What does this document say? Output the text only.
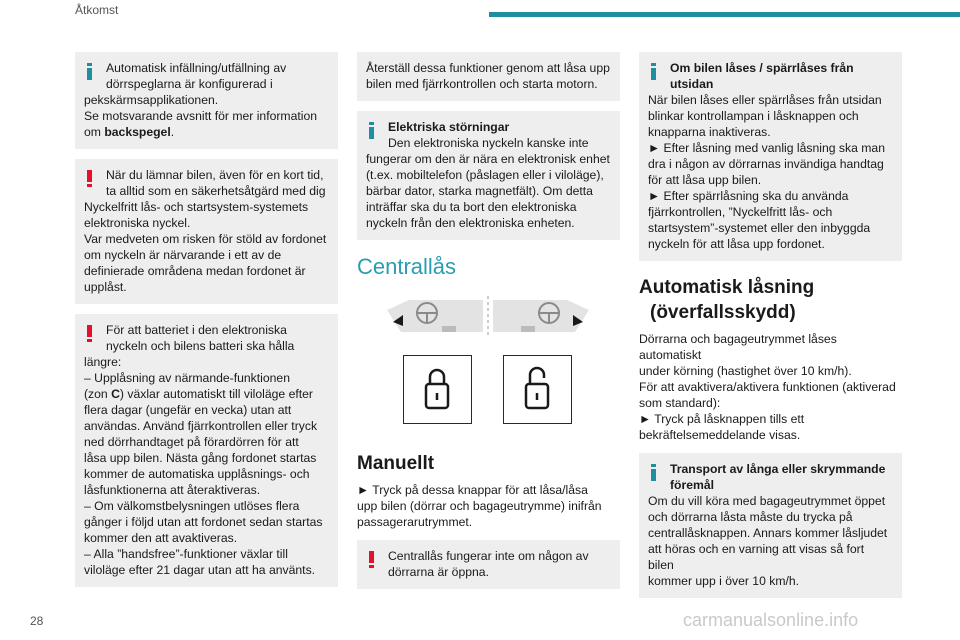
Åtkomst
Automatisk infällning/utfällning av
dörrspeglarna är konfigurerad i
pekskärmsapplikationen.
Se motsvarande avsnitt för mer information
om backspegel.
När du lämnar bilen, även för en kort tid,
ta alltid som en säkerhetsåtgärd med dig
Nyckelfritt lås- och startsystem-systemets
elektroniska nyckel.
Var medveten om risken för stöld av fordonet
om nyckeln är närvarande i ett av de
definierade områdena medan fordonet är
upplåst.
För att batteriet i den elektroniska
nyckeln och bilens batteri ska hålla
längre:
– Upplåsning av närmande-funktionen
(zon C) växlar automatiskt till viloläge efter
flera dagar (ungefär en vecka) utan att
användas. Använd fjärrkontrollen eller tryck
ned dörrhandtaget på förardörren för att
låsa upp bilen. Nästa gång fordonet startas
kommer de automatiska upplåsnings- och
låsfunktionerna att återaktiveras.
– Om välkomstbelysningen utlöses flera
gånger i följd utan att fordonet sedan startas
kommer den att avaktiveras.
– Alla ”handsfree”-funktioner växlar till
viloläge efter 21 dagar utan att ha använts.
Återställ dessa funktioner genom att låsa upp
bilen med fjärrkontrollen och starta motorn.
Elektriska störningar
Den elektroniska nyckeln kanske inte
fungerar om den är nära en elektronisk enhet
(t.ex. mobiltelefon (påslagen eller i viloläge),
bärbar dator, starka magnetfält). Om detta
inträffar ska du ta bort den elektroniska
nyckeln från den elektroniska enheten.
Centrallås
Manuellt
► Tryck på dessa knappar för att låsa/låsa
upp bilen (dörrar och bagageutrymme) inifrån
passagerarutrymmet.
Centrallås fungerar inte om någon av
dörrarna är öppna.
Om bilen låses / spärrlåses från
utsidan
När bilen låses eller spärrlåses från utsidan
blinkar kontrollampan i låsknappen och
knapparna inaktiveras.
► Efter låsning med vanlig låsning ska man
dra i någon av dörrarnas invändiga handtag
för att låsa upp bilen.
► Efter spärrlåsning ska du använda
fjärrkontrollen, ”Nyckelfritt lås- och
startsystem”-systemet eller den inbyggda
nyckeln för att låsa upp fordonet.
Automatisk låsning
(överfallsskydd)
Dörrarna och bagageutrymmet låses automatiskt
under körning (hastighet över 10 km/h).
För att avaktivera/aktivera funktionen (aktiverad
som standard):
► Tryck på låsknappen tills ett
bekräftelsemeddelande visas.
Transport av långa eller skrymmande
föremål
Om du vill köra med bagageutrymmet öppet
och dörrarna låsta måste du trycka på
centrallåsknappen. Annars kommer låsljudet
att höras och en varning att visas så fort bilen
kommer upp i över 10 km/h.
28	carmanualsonline.info
